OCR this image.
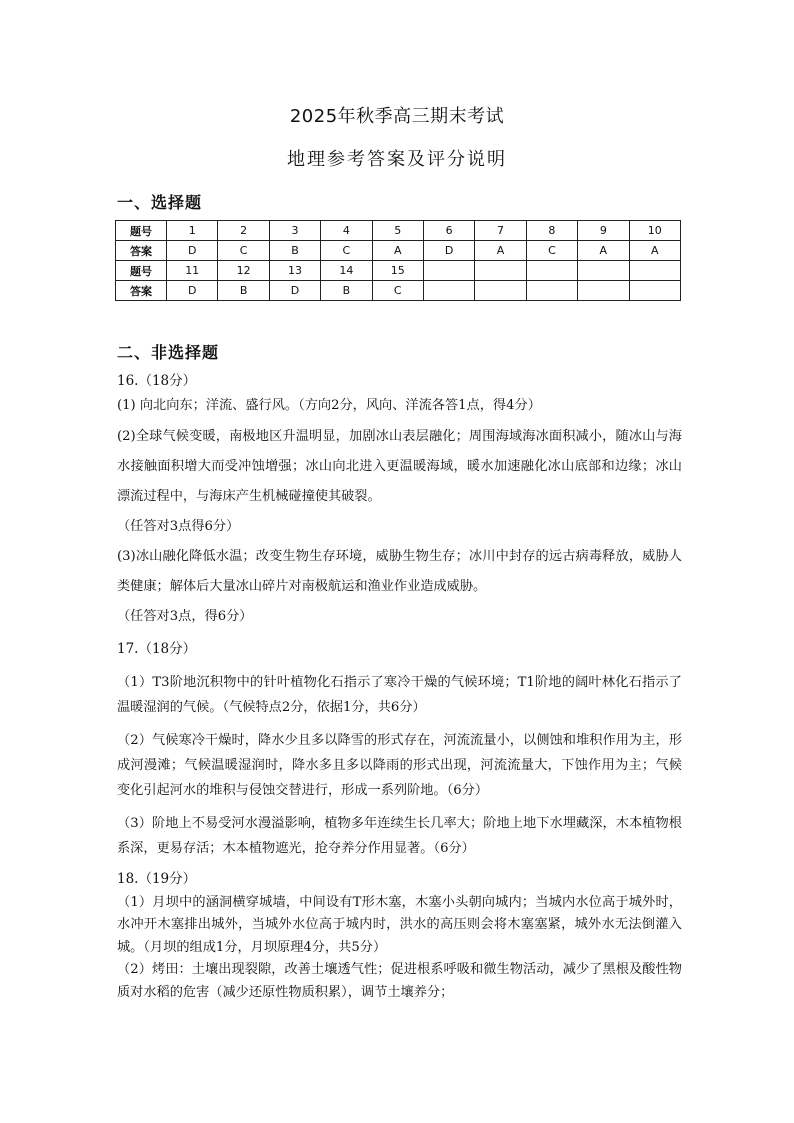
2025年秋季高三期末考试
地理参考答案及评分说明
一、选择题
题号	1	2	3	4	5	6	7	8	9	10
答案	D	C	B	C	A	D	A	C	A	A
题号	11	12	13	14	15					
答案	D	B	D	B	C					
二、非选择题

16.（18分）

(1) 向北向东；洋流、盛行风。（方向2分，风向、洋流各答1点，得4分）

(2)全球气候变暖，南极地区升温明显，加剧冰山表层融化；周围海域海冰面积减小，随冰山与海水接触面积增大而受冲蚀增强；冰山向北进入更温暖海域，暖水加速融化冰山底部和边缘；冰山漂流过程中，与海床产生机械碰撞使其破裂。

（任答对3点得6分）

(3)冰山融化降低水温；改变生物生存环境，威胁生物生存；冰川中封存的远古病毒释放，威胁人类健康；解体后大量冰山碎片对南极航运和渔业作业造成威胁。

（任答对3点，得6分）

17.（18分）

（1）T3阶地沉积物中的针叶植物化石指示了寒冷干燥的气候环境；T1阶地的阔叶林化石指示了温暖湿润的气候。（气候特点2分，依据1分，共6分）

（2）气候寒冷干燥时，降水少且多以降雪的形式存在，河流流量小，以侧蚀和堆积作用为主，形成河漫滩；气候温暖湿润时，降水多且多以降雨的形式出现，河流流量大，下蚀作用为主；气候变化引起河水的堆积与侵蚀交替进行，形成一系列阶地。（6分）

（3）阶地上不易受河水漫溢影响，植物多年连续生长几率大；阶地上地下水埋藏深，木本植物根系深，更易存活；木本植物遮光，抢夺养分作用显著。（6分）

18.（19分）

（1）月坝中的涵洞横穿城墙，中间设有T形木塞，木塞小头朝向城内；当城内水位高于城外时，水冲开木塞排出城外，当城外水位高于城内时，洪水的高压则会将木塞塞紧，城外水无法倒灌入城。（月坝的组成1分，月坝原理4分，共5分）

（2）烤田：土壤出现裂隙，改善土壤透气性；促进根系呼吸和微生物活动，减少了黑根及酸性物质对水稻的危害（减少还原性物质积累），调节土壤养分；
